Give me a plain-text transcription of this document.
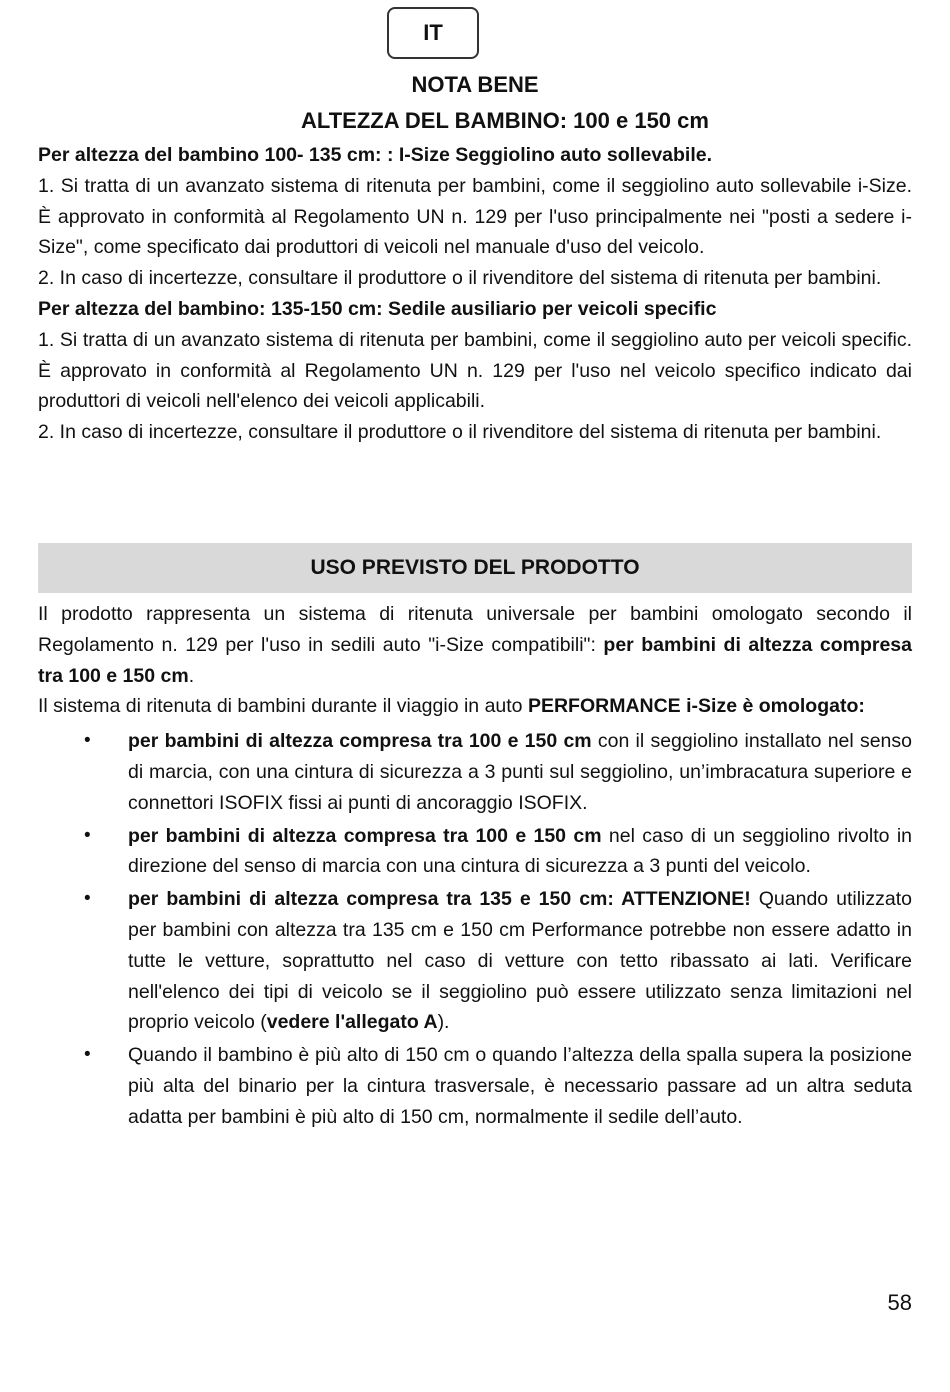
IT
NOTA BENE
ALTEZZA DEL BAMBINO: 100 e 150 cm

Per altezza del bambino 100- 135 cm: : I-Size Seggiolino auto sollevabile.

1. Si tratta di un avanzato sistema di ritenuta per bambini, come il seggiolino auto sollevabile i-Size. È approvato in conformità al Regolamento UN n. 129 per l'uso principalmente nei "posti a sedere i-Size", come specificato dai produttori di veicoli nel manuale d'uso del veicolo.

2. In caso di incertezze, consultare il produttore o il rivenditore del sistema di ritenuta per bambini.

Per altezza del bambino: 135-150 cm: Sedile ausiliario per veicoli specific

1. Si tratta di un avanzato sistema di ritenuta per bambini, come il seggiolino auto per veicoli specific. È approvato in conformità al Regolamento UN n. 129 per l'uso nel veicolo specifico indicato dai produttori di veicoli nell'elenco dei veicoli applicabili.

2. In caso di incertezze, consultare il produttore o il rivenditore del sistema di ritenuta per bambini.

USO PREVISTO DEL PRODOTTO

Il prodotto rappresenta un sistema di ritenuta universale per bambini omologato secondo il Regolamento n. 129 per l'uso in sedili auto "i-Size compatibili": per bambini di altezza compresa tra 100 e 150 cm.

Il sistema di ritenuta di bambini durante il viaggio in auto PERFORMANCE i-Size è omologato:

• per bambini di altezza compresa tra 100 e 150 cm con il seggiolino installato nel senso di marcia, con una cintura di sicurezza a 3 punti sul seggiolino, un’imbracatura superiore e connettori ISOFIX fissi ai punti di ancoraggio ISOFIX.
• per bambini di altezza compresa tra 100 e 150 cm nel caso di un seggiolino rivolto in direzione del senso di marcia con una cintura di sicurezza a 3 punti del veicolo.
• per bambini di altezza compresa tra 135 e 150 cm: ATTENZIONE! Quando utilizzato per bambini con altezza tra 135 cm e 150 cm Performance potrebbe non essere adatto in tutte le vetture, soprattutto nel caso di vetture con tetto ribassato ai lati. Verificare nell'elenco dei tipi di veicolo se il seggiolino può essere utilizzato senza limitazioni nel proprio veicolo (vedere l'allegato A).
• Quando il bambino è più alto di 150 cm o quando l’altezza della spalla supera la posizione più alta del binario per la cintura trasversale, è necessario passare ad un altra seduta adatta per bambini è più alto di 150 cm, normalmente il sedile dell’auto.
58
